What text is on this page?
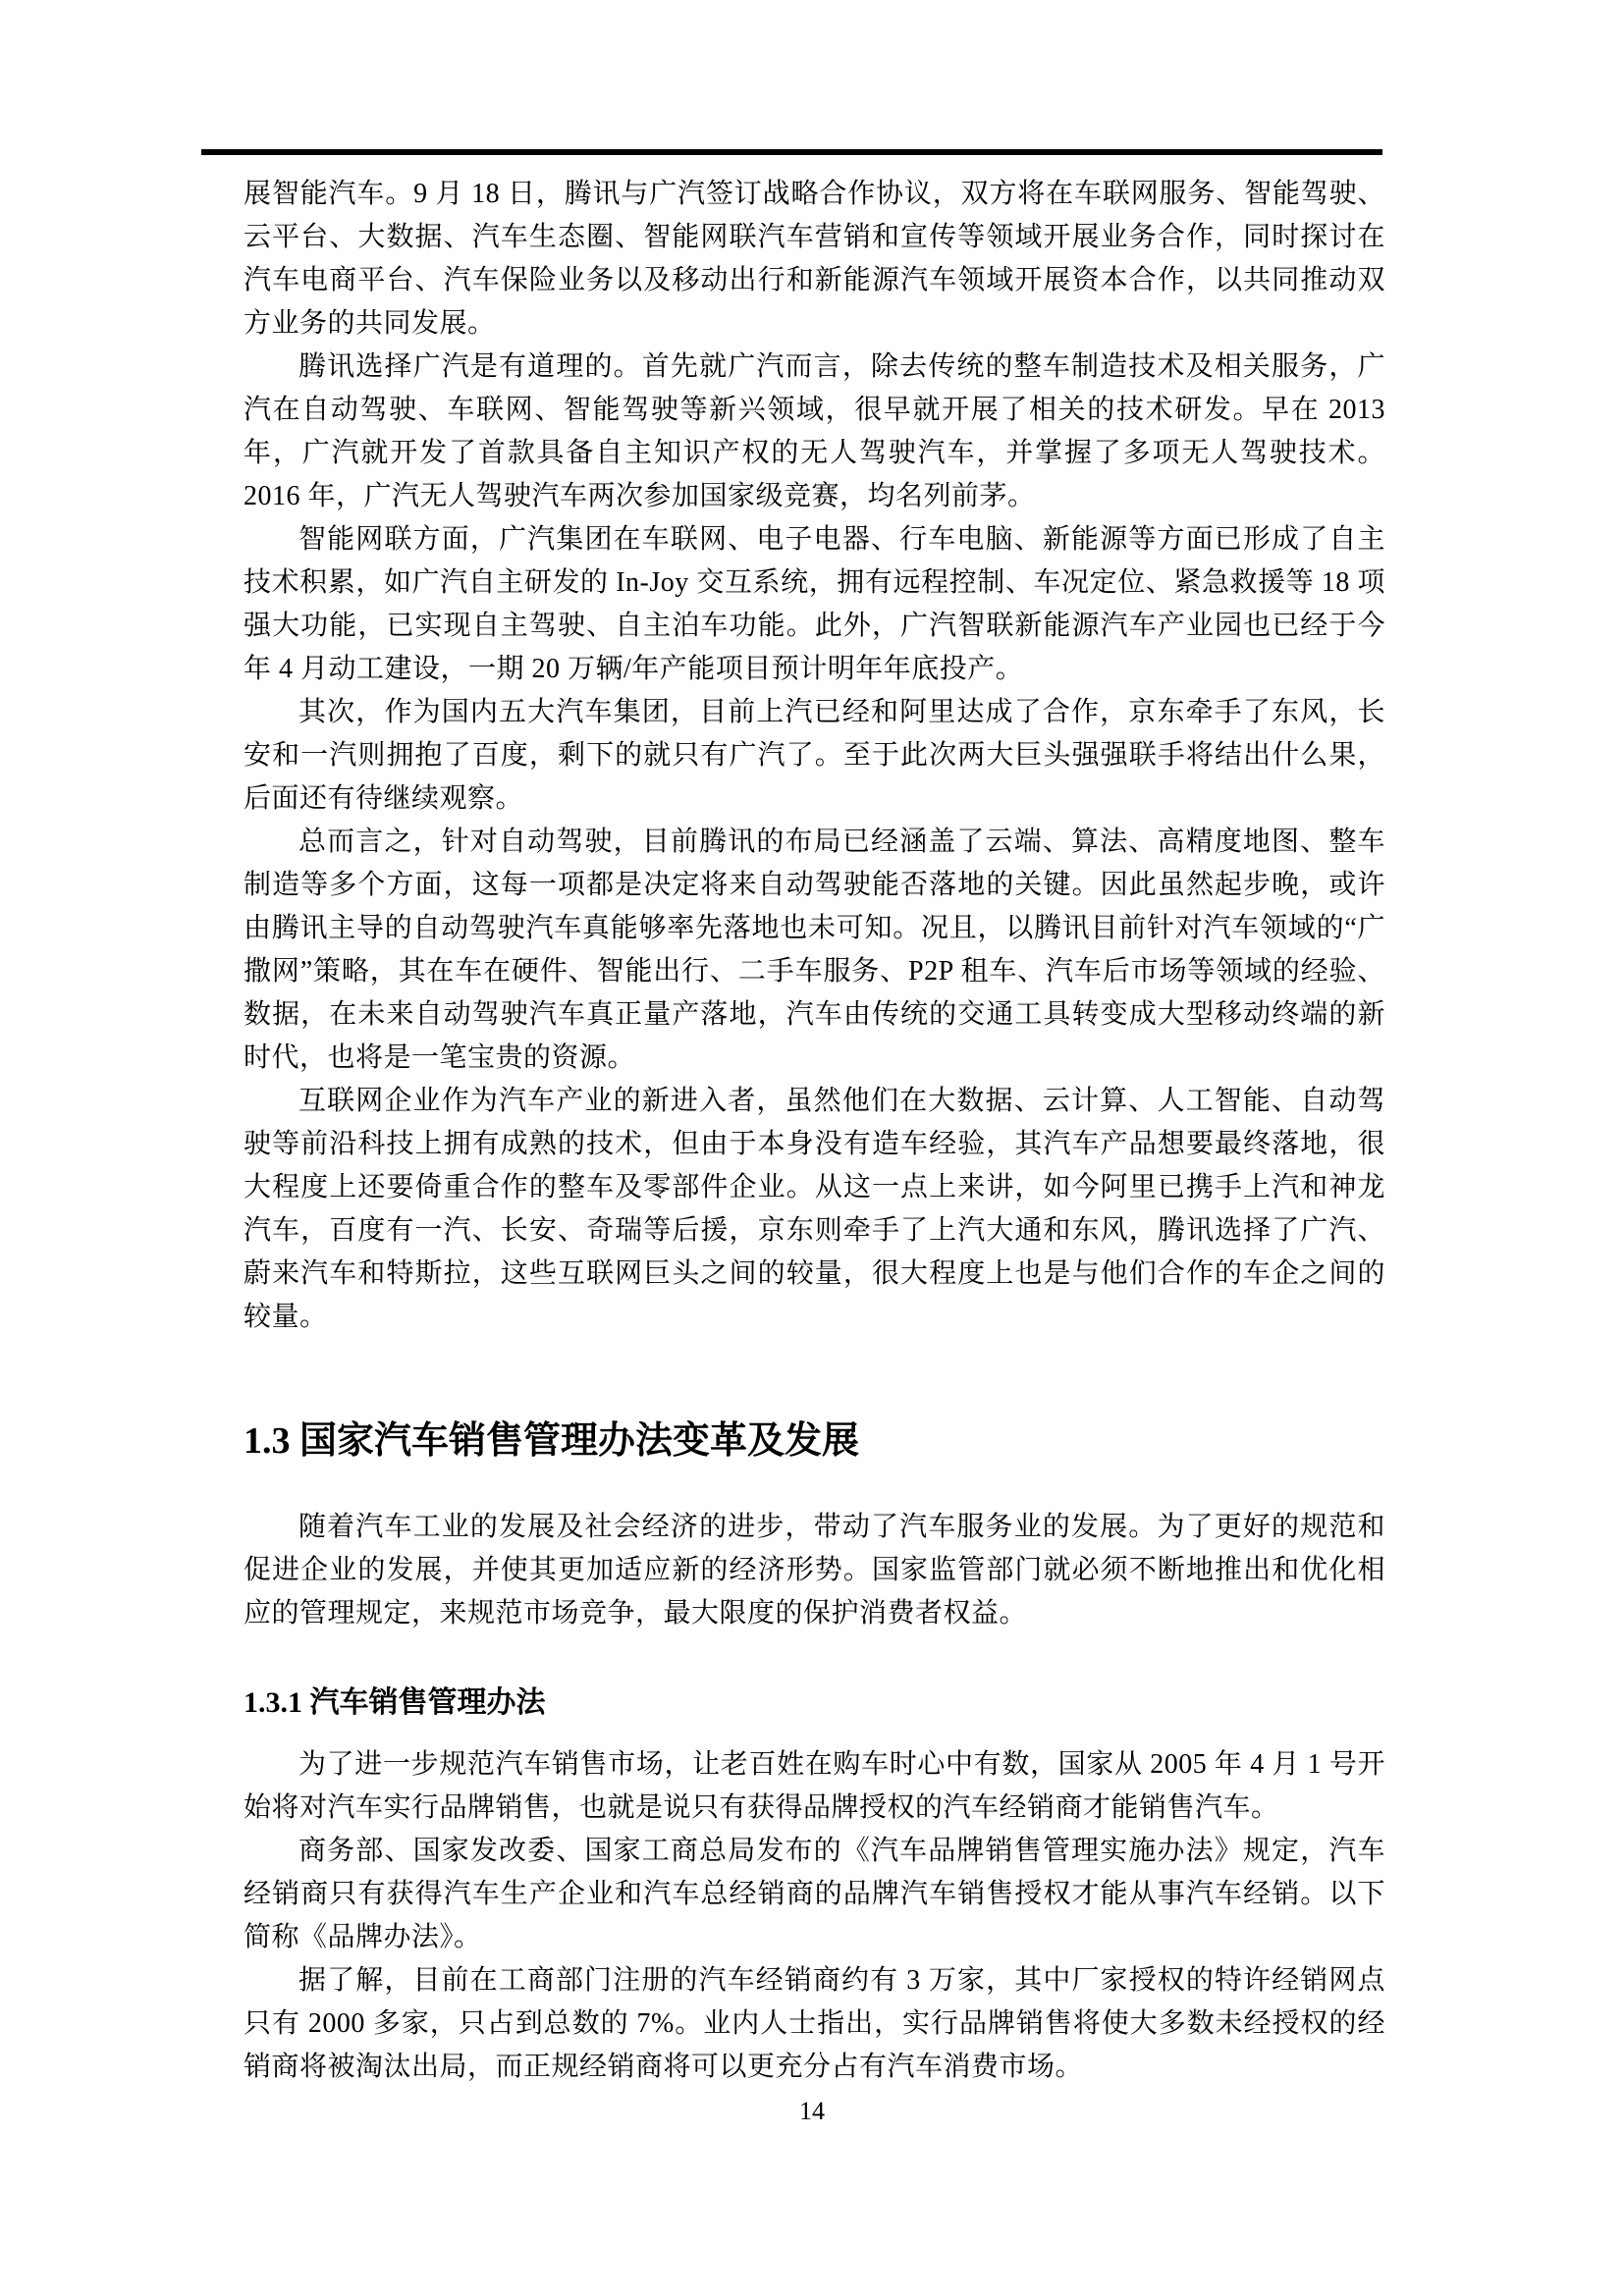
展智能汽车。9 月 18 日，腾讯与广汽签订战略合作协议，双方将在车联网服务、智能驾驶、云平台、大数据、汽车生态圈、智能网联汽车营销和宣传等领域开展业务合作，同时探讨在汽车电商平台、汽车保险业务以及移动出行和新能源汽车领域开展资本合作，以共同推动双方业务的共同发展。

腾讯选择广汽是有道理的。首先就广汽而言，除去传统的整车制造技术及相关服务，广汽在自动驾驶、车联网、智能驾驶等新兴领域，很早就开展了相关的技术研发。早在 2013 年，广汽就开发了首款具备自主知识产权的无人驾驶汽车，并掌握了多项无人驾驶技术。2016 年，广汽无人驾驶汽车两次参加国家级竞赛，均名列前茅。

智能网联方面，广汽集团在车联网、电子电器、行车电脑、新能源等方面已形成了自主技术积累，如广汽自主研发的 In-Joy 交互系统，拥有远程控制、车况定位、紧急救援等 18 项强大功能，已实现自主驾驶、自主泊车功能。此外，广汽智联新能源汽车产业园也已经于今年 4 月动工建设，一期 20 万辆/年产能项目预计明年年底投产。

其次，作为国内五大汽车集团，目前上汽已经和阿里达成了合作，京东牵手了东风，长安和一汽则拥抱了百度，剩下的就只有广汽了。至于此次两大巨头强强联手将结出什么果，后面还有待继续观察。

总而言之，针对自动驾驶，目前腾讯的布局已经涵盖了云端、算法、高精度地图、整车制造等多个方面，这每一项都是决定将来自动驾驶能否落地的关键。因此虽然起步晚，或许由腾讯主导的自动驾驶汽车真能够率先落地也未可知。况且，以腾讯目前针对汽车领域的“广撒网”策略，其在车在硬件、智能出行、二手车服务、P2P 租车、汽车后市场等领域的经验、数据，在未来自动驾驶汽车真正量产落地，汽车由传统的交通工具转变成大型移动终端的新时代，也将是一笔宝贵的资源。

互联网企业作为汽车产业的新进入者，虽然他们在大数据、云计算、人工智能、自动驾驶等前沿科技上拥有成熟的技术，但由于本身没有造车经验，其汽车产品想要最终落地，很大程度上还要倚重合作的整车及零部件企业。从这一点上来讲，如今阿里已携手上汽和神龙汽车，百度有一汽、长安、奇瑞等后援，京东则牵手了上汽大通和东风，腾讯选择了广汽、蔚来汽车和特斯拉，这些互联网巨头之间的较量，很大程度上也是与他们合作的车企之间的较量。

1.3 国家汽车销售管理办法变革及发展

随着汽车工业的发展及社会经济的进步，带动了汽车服务业的发展。为了更好的规范和促进企业的发展，并使其更加适应新的经济形势。国家监管部门就必须不断地推出和优化相应的管理规定，来规范市场竞争，最大限度的保护消费者权益。

1.3.1 汽车销售管理办法

为了进一步规范汽车销售市场，让老百姓在购车时心中有数，国家从 2005 年 4 月 1 号开始将对汽车实行品牌销售，也就是说只有获得品牌授权的汽车经销商才能销售汽车。

商务部、国家发改委、国家工商总局发布的《汽车品牌销售管理实施办法》规定，汽车经销商只有获得汽车生产企业和汽车总经销商的品牌汽车销售授权才能从事汽车经销。以下简称《品牌办法》。

据了解，目前在工商部门注册的汽车经销商约有 3 万家，其中厂家授权的特许经销网点只有 2000 多家，只占到总数的 7%。业内人士指出，实行品牌销售将使大多数未经授权的经销商将被淘汰出局，而正规经销商将可以更充分占有汽车消费市场。

14
